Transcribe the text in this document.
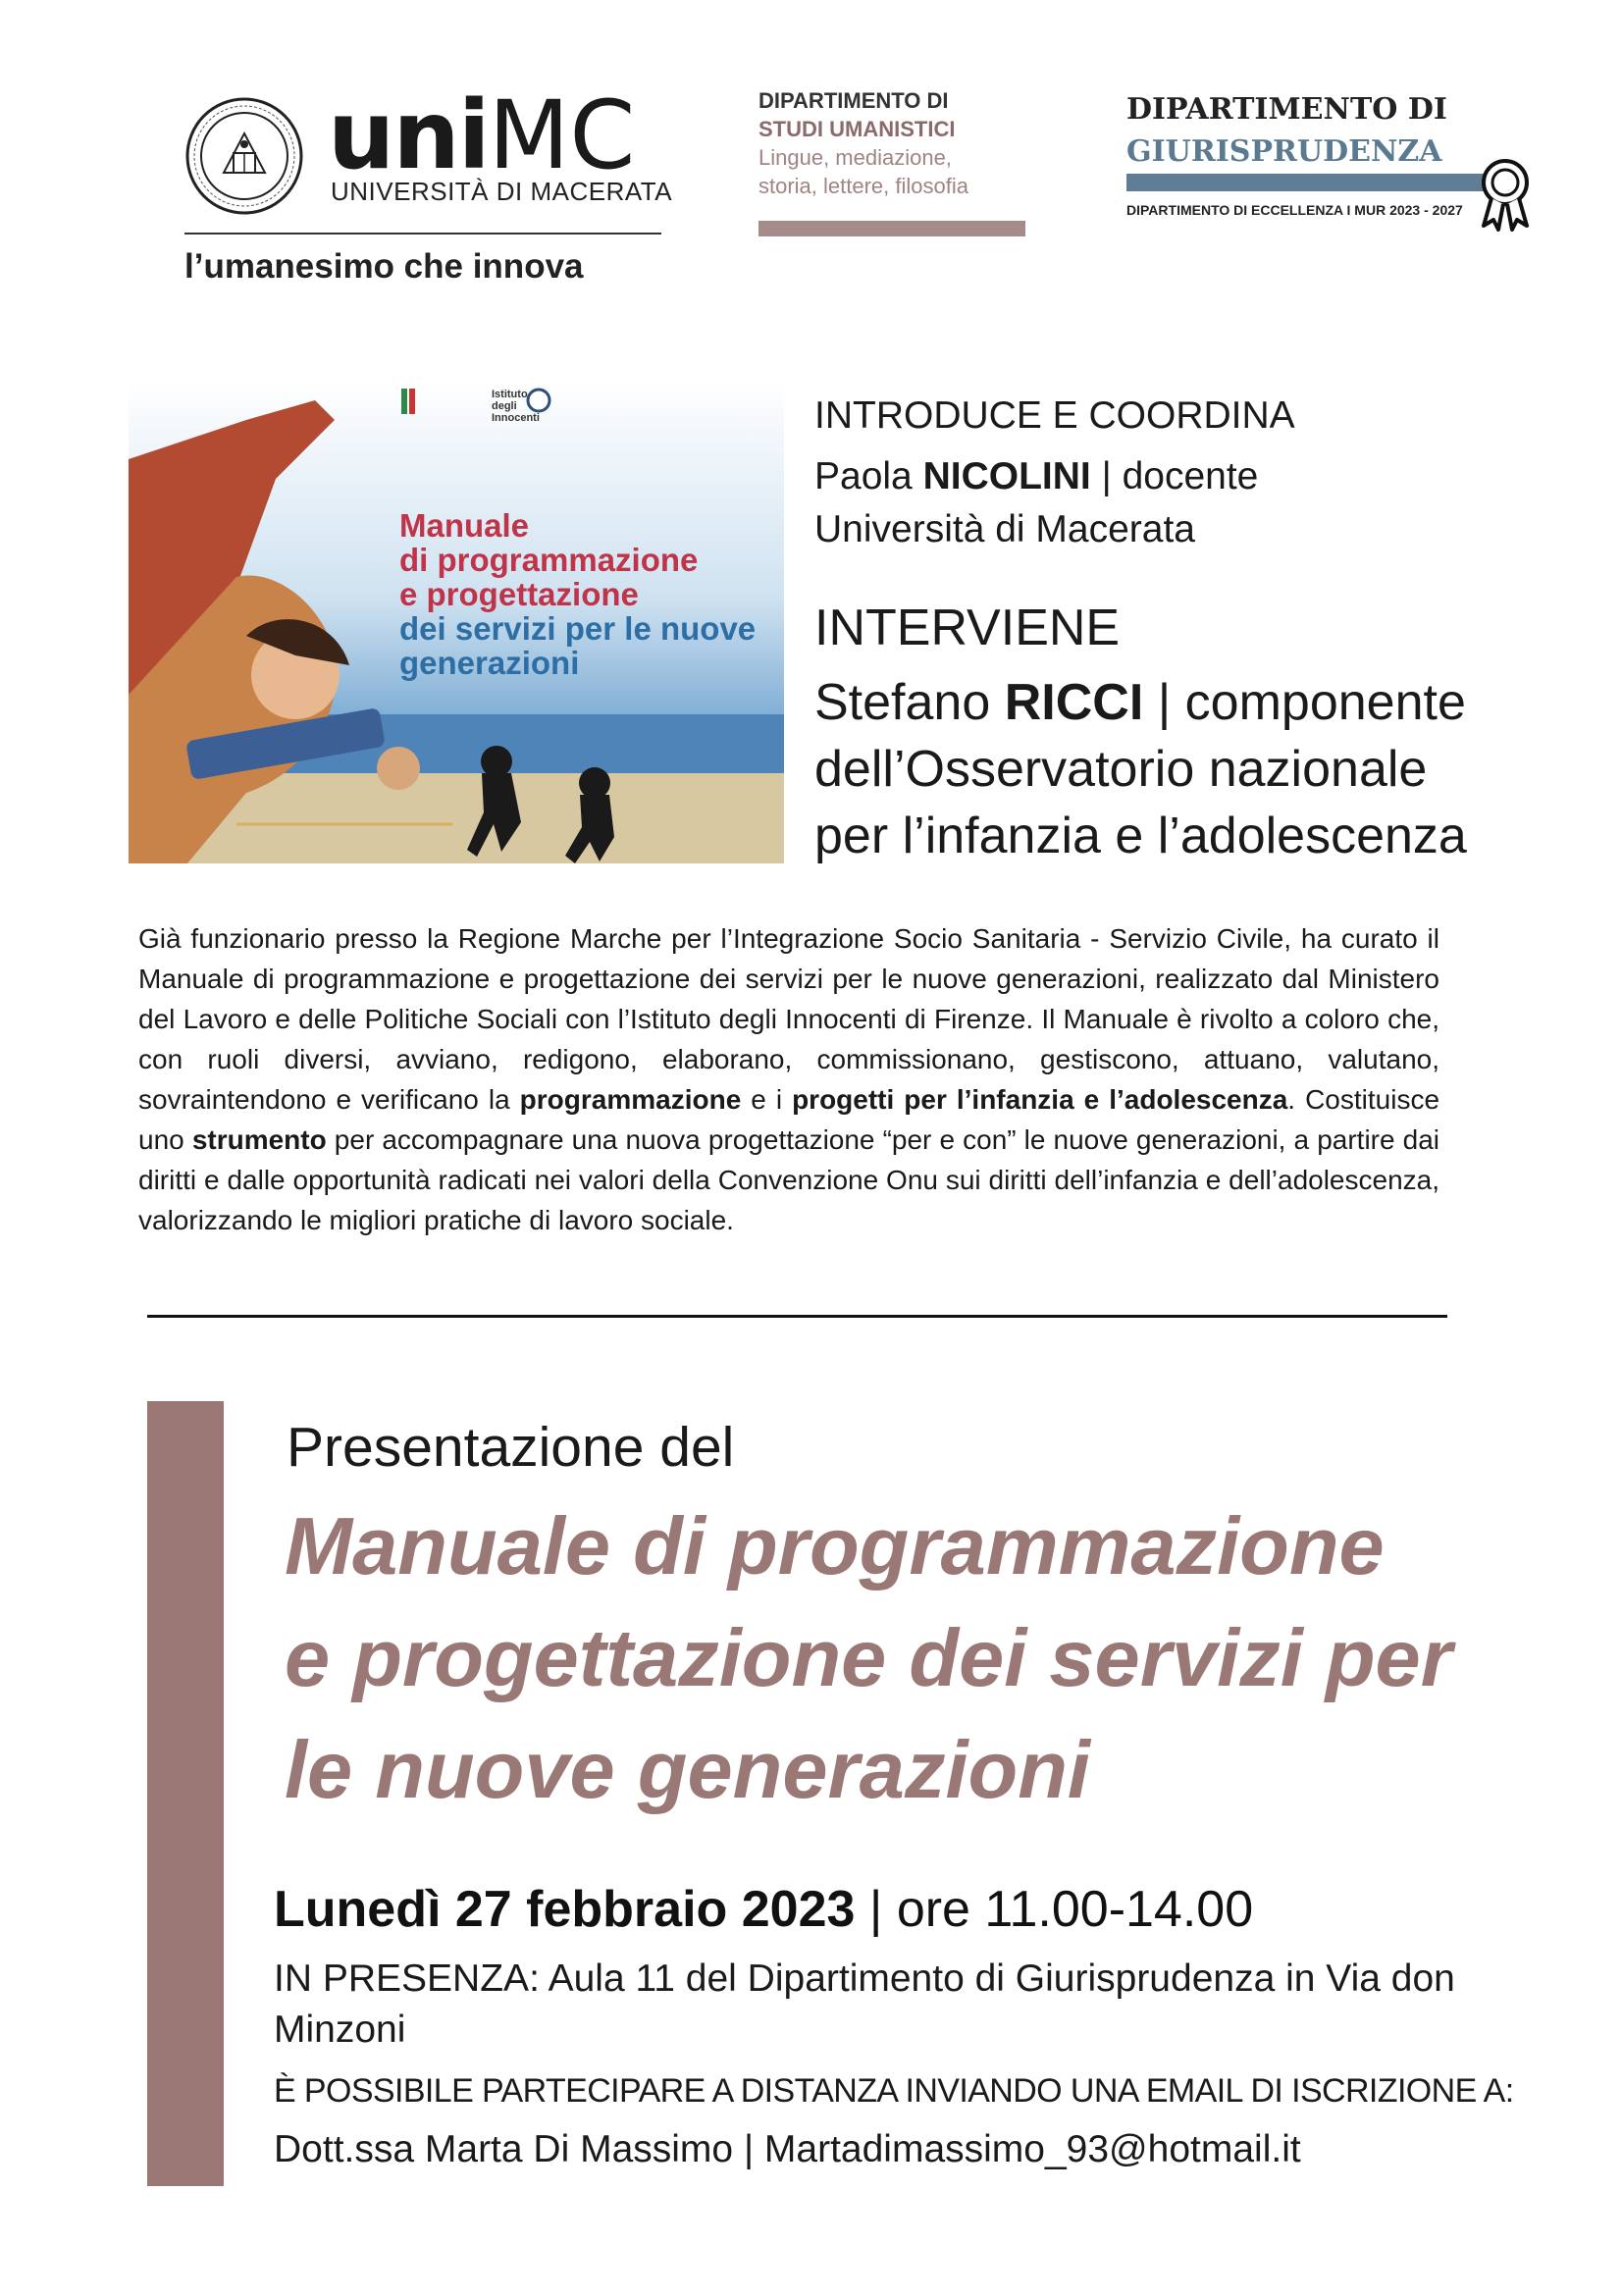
uniMC
UNIVERSITÀ DI MACERATA
l’umanesimo che innova
DIPARTIMENTO DI
STUDI UMANISTICI
Lingue, mediazione,
storia, lettere, filosofia
DIPARTIMENTO DI
GIURISPRUDENZA
DIPARTIMENTO DI ECCELLENZA I MUR 2023 - 2027
Istituto degli Innocenti
Manuale
di programmazione
e progettazione
dei servizi per le nuove
generazioni
INTRODUCE E COORDINA
Paola NICOLINI | docente
Università di Macerata
INTERVIENE
Stefano RICCI | componente
dell’Osservatorio nazionale
per l’infanzia e l’adolescenza
Già funzionario presso la Regione Marche per l’Integrazione Socio Sanitaria - Servizio Civile, ha curato il Manuale di programmazione e progettazione dei servizi per le nuove generazioni, realizzato dal Ministero del Lavoro e delle Politiche Sociali con l’Istituto degli Innocenti di Firenze. Il Manuale è rivolto a coloro che, con ruoli diversi, avviano, redigono, elaborano, commissionano, gestiscono, attuano, valutano, sovraintendono e verificano la programmazione e i progetti per l’infanzia e l’adolescenza. Costituisce uno strumento per accompagnare una nuova progettazione “per e con” le nuove generazioni, a partire dai diritti e dalle opportunità radicati nei valori della Convenzione Onu sui diritti dell’infanzia e dell’adolescenza, valorizzando le migliori pratiche di lavoro sociale.
Presentazione del
Manuale di programmazione
e progettazione dei servizi per
le nuove generazioni
Lunedì 27 febbraio 2023 | ore 11.00-14.00
IN PRESENZA: Aula 11 del Dipartimento di Giurisprudenza in Via don
Minzoni
È POSSIBILE PARTECIPARE A DISTANZA INVIANDO UNA EMAIL DI ISCRIZIONE A:
Dott.ssa Marta Di Massimo | Martadimassimo_93@hotmail.it
